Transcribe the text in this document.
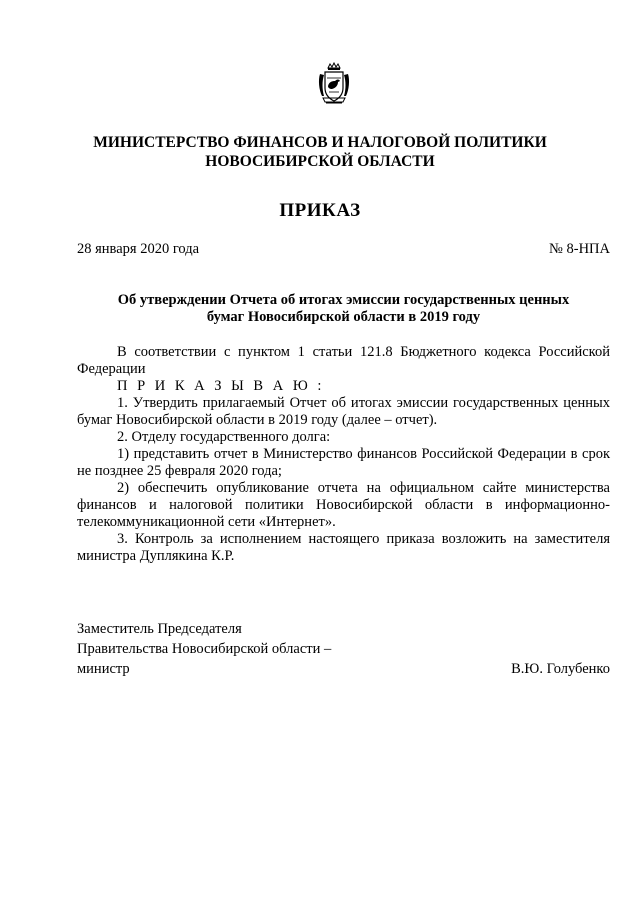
МИНИСТЕРСТВО ФИНАНСОВ И НАЛОГОВОЙ ПОЛИТИКИ
НОВОСИБИРСКОЙ ОБЛАСТИ
ПРИКАЗ
28 января 2020 года	№ 8-НПА
Об утверждении Отчета об итогах эмиссии государственных ценных
бумаг Новосибирской области в 2019 году
В соответствии с пунктом 1 статьи 121.8 Бюджетного кодекса Российской Федерации
П Р И К А З Ы В А Ю :
1. Утвердить прилагаемый Отчет об итогах эмиссии государственных ценных бумаг Новосибирской области в 2019 году (далее – отчет).
2. Отделу государственного долга:
1) представить отчет в Министерство финансов Российской Федерации в срок не позднее 25 февраля 2020 года;
2) обеспечить опубликование отчета на официальном сайте министерства финансов и налоговой политики Новосибирской области в информационно-телекоммуникационной сети «Интернет».
3. Контроль за исполнением настоящего приказа возложить на заместителя министра Дуплякина К.Р.
Заместитель Председателя
Правительства Новосибирской области –
министр	В.Ю. Голубенко
